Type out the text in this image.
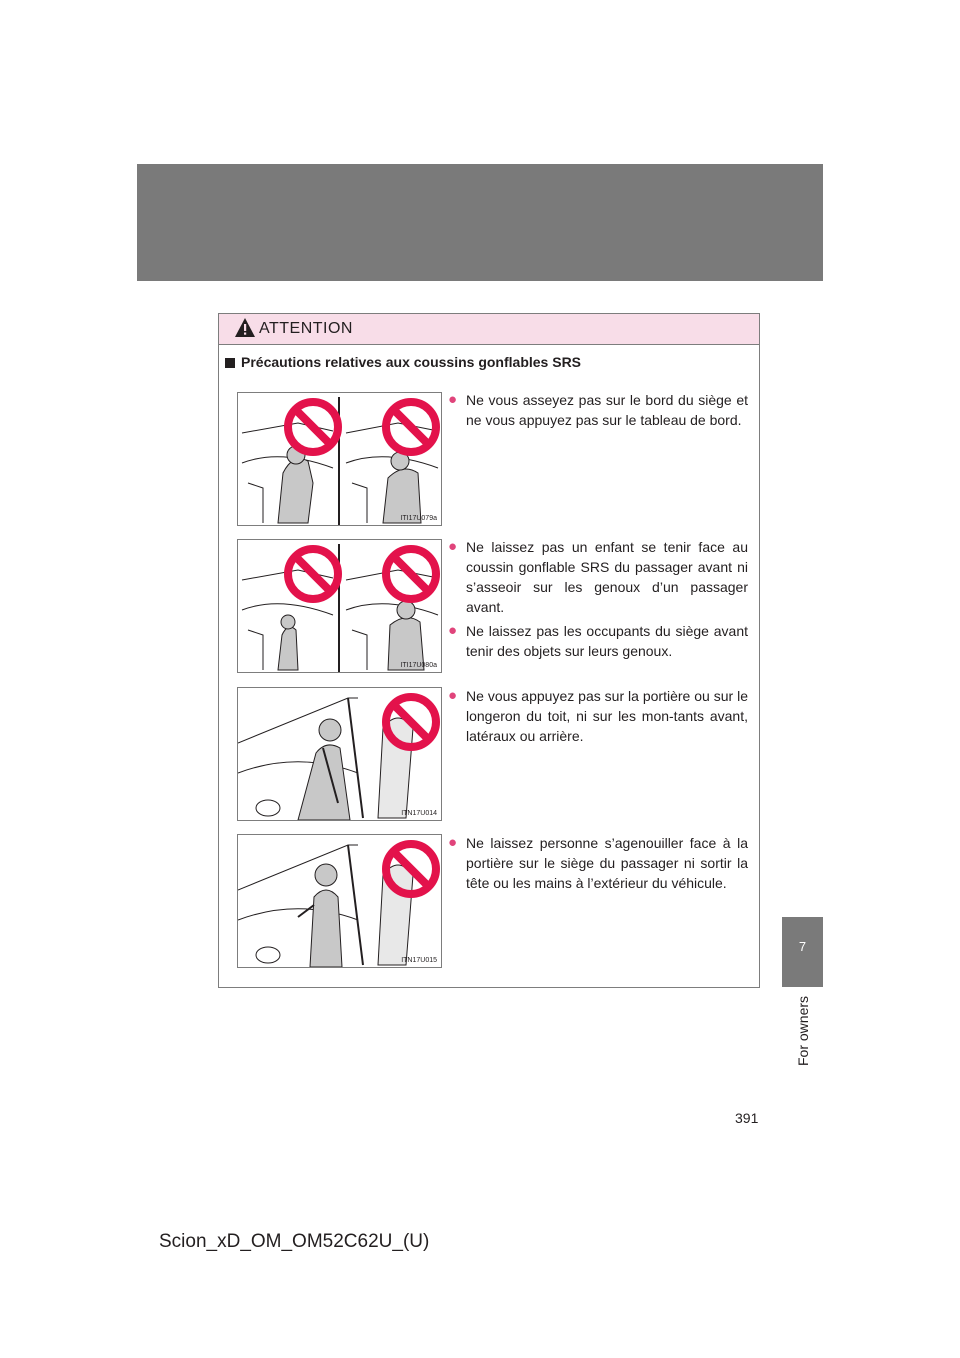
7
For owners
ATTENTION
Précautions relatives aux coussins gonflables SRS
ITI17U079a
ITI17U080a
ITN17U014
ITN17U015
● Ne vous asseyez pas sur le bord du siège et ne vous appuyez pas sur le tableau de bord.
● Ne laissez pas un enfant se tenir face au coussin gonflable SRS du passager avant ni s’asseoir sur les genoux d’un passager avant.
● Ne laissez pas les occupants du siège avant tenir des objets sur leurs genoux.
● Ne vous appuyez pas sur la portière ou sur le longeron du toit, ni sur les mon-tants avant, latéraux ou arrière.
● Ne laissez personne s’agenouiller face à la portière sur le siège du passager ni sortir la tête ou les mains à l’extérieur du véhicule.
391
Scion_xD_OM_OM52C62U_(U)
